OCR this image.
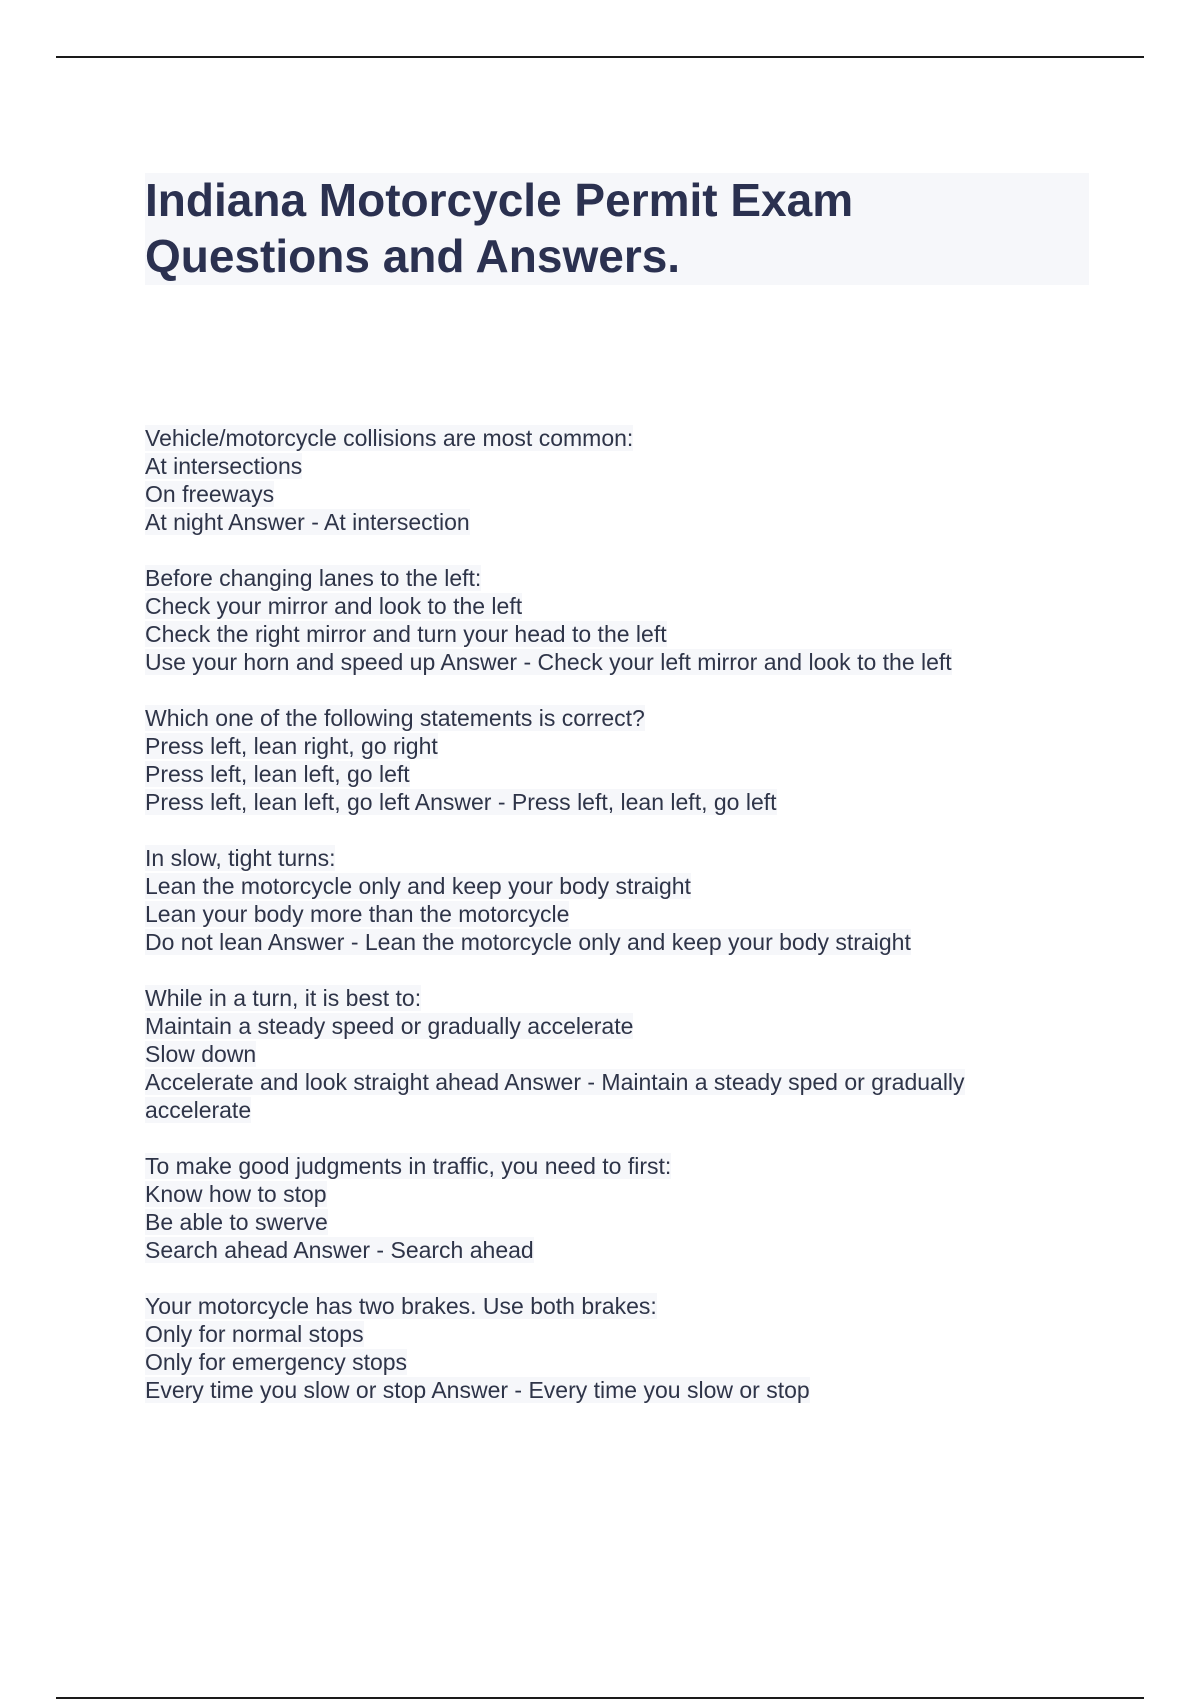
Indiana Motorcycle Permit Exam Questions and Answers.
Vehicle/motorcycle collisions are most common:
At intersections
On freeways
At night Answer - At intersection
Before changing lanes to the left:
Check your mirror and look to the left
Check the right mirror and turn your head to the left
Use your horn and speed up Answer - Check your left mirror and look to the left
Which one of the following statements is correct?
Press left, lean right, go right
Press left, lean left, go left
Press left, lean left, go left Answer - Press left, lean left, go left
In slow, tight turns:
Lean the motorcycle only and keep your body straight
Lean your body more than the motorcycle
Do not lean Answer - Lean the motorcycle only and keep your body straight
While in a turn, it is best to:
Maintain a steady speed or gradually accelerate
Slow down
Accelerate and look straight ahead Answer - Maintain a steady sped or gradually
accelerate
To make good judgments in traffic, you need to first:
Know how to stop
Be able to swerve
Search ahead Answer - Search ahead
Your motorcycle has two brakes. Use both brakes:
Only for normal stops
Only for emergency stops
Every time you slow or stop Answer - Every time you slow or stop
